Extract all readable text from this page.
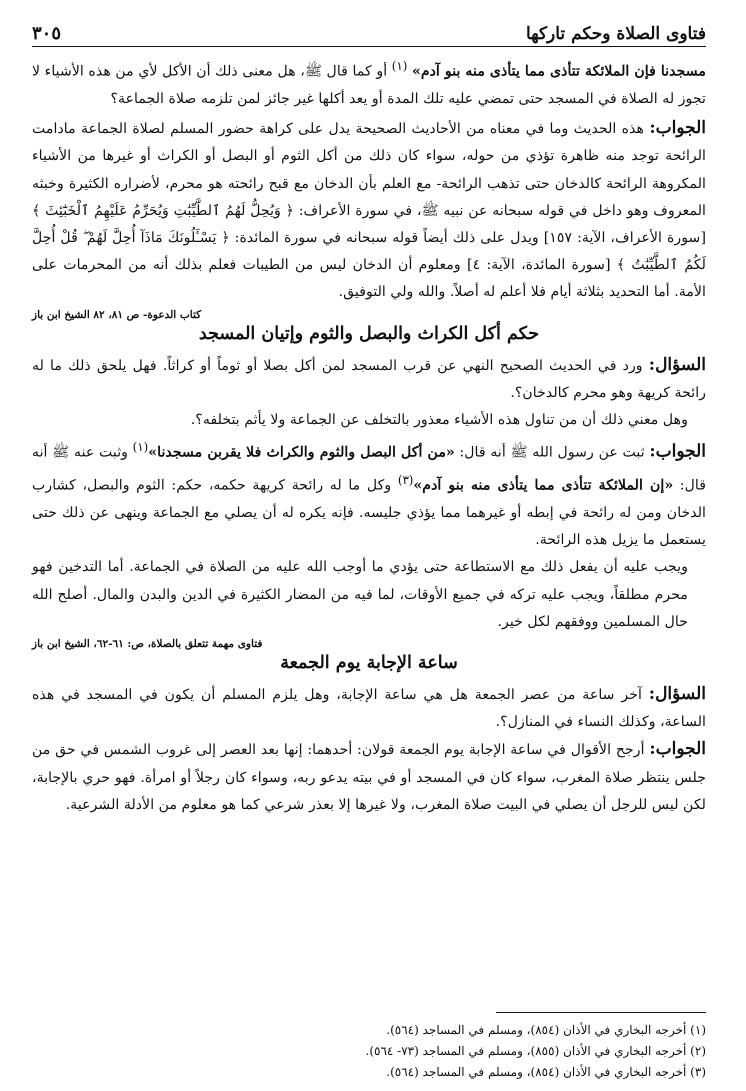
فتاوى الصلاة وحكم تاركها
٣٠٥

مسجدنا فإن الملائكة تتأذى مما يتأذى منه بنو آدم» $^{(١)}$ أو كما قال ﷺ، هل معنى ذلك أن الأكل لأي من هذه الأشياء لا تجوز له الصلاة في المسجد حتى تمضي عليه تلك المدة أو يعد أكلها غير جائز لمن تلزمه صلاة الجماعة؟

الجواب: هذه الحديث وما في معناه من الأحاديث الصحيحة يدل على كراهة حضور المسلم لصلاة الجماعة مادامت الرائحة توجد منه ظاهرة تؤذي من حوله، سواء كان ذلك من أكل الثوم أو البصل أو الكراث أو غيرها من الأشياء المكروهة الرائحة كالدخان حتى تذهب الرائحة- مع العلم بأن الدخان مع قبح رائحته هو محرم، لأضراره الكثيرة وخبثه المعروف وهو داخل في قوله سبحانه عن نبيه ﷺ، في سورة الأعراف: ﴿ وَيُحِلُّ لَهُمُ ٱلطَّيِّبَٰتِ وَيُحَرِّمُ عَلَيْهِمُ ٱلْخَبَٰٓئِثَ ﴾ [سورة الأعراف، الآية: ١٥٧] ويدل على ذلك أيضاً قوله سبحانه في سورة المائدة: ﴿ يَسْـَٔلُونَكَ مَاذَآ أُحِلَّ لَهُمْ ۖ قُلْ أُحِلَّ لَكُمُ ٱلطَّيِّبَٰتُ ﴾ [سورة المائدة، الآية: ٤] ومعلوم أن الدخان ليس من الطيبات فعلم بذلك أنه من المحرمات على الأمة. أما التحديد بثلاثة أيام فلا أعلم له أصلاً. والله ولي التوفيق.

كتاب الدعوة- ص ٨١، ٨٢ الشيخ ابن باز
حكم أكل الكراث والبصل والثوم وإتيان المسجد

السؤال: ورد في الحديث الصحيح النهي عن قرب المسجد لمن أكل بصلا أو ثوماً أو كراثاً. فهل يلحق ذلك ما له رائحة كريهة وهو محرم كالدخان؟.

وهل معني ذلك أن من تناول هذه الأشياء معذور بالتخلف عن الجماعة ولا يأثم بتخلفه؟.

الجواب: ثبت عن رسول الله ﷺ أنه قال: «من أكل البصل والثوم والكراث فلا يقربن مسجدنا»$^{(١)}$ وثبت عنه ﷺ أنه قال: «إن الملائكة تتأذى مما يتأذى منه بنو آدم»$^{(٣)}$ وكل ما له رائحة كريهة حكمه، حكم: الثوم والبصل، كشارب الدخان ومن له رائحة في إبطه أو غيرهما مما يؤذي جليسه. فإنه يكره له أن يصلي مع الجماعة وينهى عن ذلك حتى يستعمل ما يزيل هذه الرائحة.

ويجب عليه أن يفعل ذلك مع الاستطاعة حتى يؤدي ما أوجب الله عليه من الصلاة في الجماعة. أما التدخين فهو محرم مطلقاً، ويجب عليه تركه في جميع الأوقات، لما فيه من المضار الكثيرة في الدين والبدن والمال. أصلح الله حال المسلمين ووفقهم لكل خير.

فتاوى مهمة تتعلق بالصلاة، ص: ٦١-٦٢، الشيخ ابن باز
ساعة الإجابة يوم الجمعة

السؤال: آخر ساعة من عصر الجمعة هل هي ساعة الإجابة، وهل يلزم المسلم أن يكون في المسجد في هذه الساعة، وكذلك النساء في المنازل؟.

الجواب: أرجح الأقوال في ساعة الإجابة يوم الجمعة قولان: أحدهما: إنها بعد العصر إلى غروب الشمس في حق من جلس ينتظر صلاة المغرب، سواء كان في المسجد أو في بيته يدعو ربه، وسواء كان رجلاً أو امرأة. فهو حري بالإجابة، لكن ليس للرجل أن يصلي في البيت صلاة المغرب، ولا غيرها إلا بعذر شرعي كما هو معلوم من الأدلة الشرعية.

(١) أخرجه البخاري في الأذان (٨٥٤)، ومسلم في المساجد (٥٦٤).
(٢) أخرجه البخاري في الأذان (٨٥٥)، ومسلم في المساجد (٧٣- ٥٦٤).
(٣) أخرجه البخاري في الأذان (٨٥٤)، ومسلم في المساجد (٥٦٤).
